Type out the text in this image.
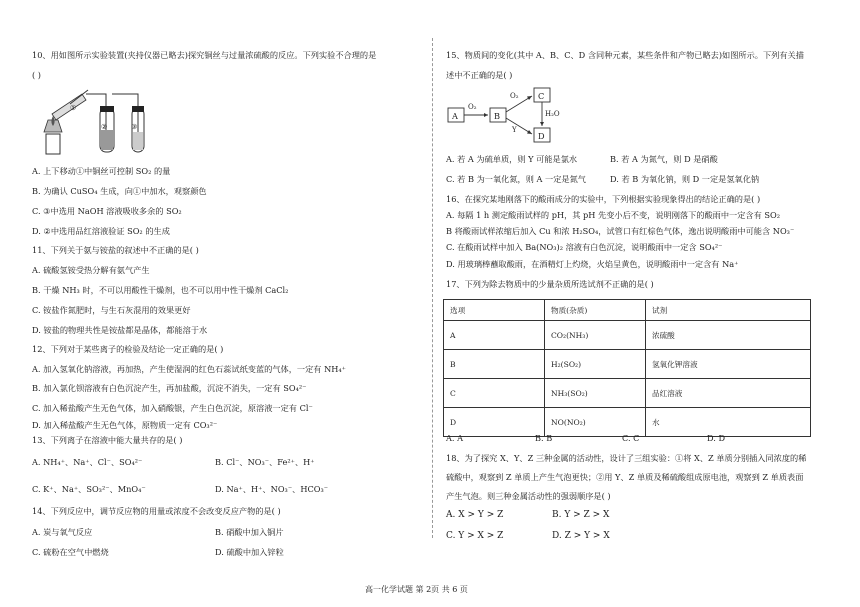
10、用如图所示实验装置(夹持仪器已略去)探究铜丝与过量浓硫酸的反应。下列实验不合理的是
( )
①
②	③
A. 上下移动①中铜丝可控制 SO₂ 的量
B. 为确认 CuSO₄ 生成，向①中加水，观察颜色
C. ③中选用 NaOH 溶液吸收多余的 SO₂
D. ②中选用品红溶液验证 SO₂ 的生成
11、下列关于氨与铵盐的叙述中不正确的是( )
A. 硫酸氢铵受热分解有氨气产生
B. 干燥 NH₃ 时，不可以用酸性干燥剂，也不可以用中性干燥剂 CaCl₂
C. 铵盐作氮肥时，与生石灰混用的效果更好
D. 铵盐的物理共性是铵盐都是晶体，都能溶于水
12、下列对于某些离子的检验及结论一定正确的是( )
A. 加入氢氧化钠溶液，再加热，产生使湿润的红色石蕊试纸变蓝的气体，一定有 NH₄⁺
B. 加入氯化钡溶液有白色沉淀产生，再加盐酸，沉淀不消失，一定有 SO₄²⁻
C. 加入稀盐酸产生无色气体，加入硝酸银，产生白色沉淀，原溶液一定有 Cl⁻
D. 加入稀盐酸产生无色气体，原物质一定有 CO₃²⁻
13、下列离子在溶液中能大量共存的是( )
A. NH₄⁺、Na⁺、Cl⁻、SO₄²⁻	B. Cl⁻、NO₃⁻、Fe²⁺、H⁺
C. K⁺、Na⁺、SO₃²⁻、MnO₄⁻	D. Na⁺、H⁺、NO₃⁻、HCO₃⁻
14、下列反应中，调节反应物的用量或浓度不会改变反应产物的是( )
A. 炭与氧气反应	B. 硝酸中加入铜片
C. 硫粉在空气中燃烧	D. 硫酸中加入锌粒
15、物质间的变化(其中 A、B、C、D 含同种元素，某些条件和产物已略去)如图所示。下列有关描
述中不正确的是( )
A	B
C
D
O₂
O₂
H₂O
Y
A. 若 A 为硫单质，则 Y 可能是氯水	B. 若 A 为氮气，则 D 是硝酸
C. 若 B 为一氧化氮，则 A 一定是氮气	D. 若 B 为氧化钠，则 D 一定是氢氧化钠
16、在探究某地刚落下的酸雨成分的实验中，下列根据实验现象得出的结论正确的是( )
A. 每隔 1 h 测定酸雨试样的 pH，其 pH 先变小后不变，说明刚落下的酸雨中一定含有 SO₂
B 将酸雨试样浓缩后加入 Cu 和浓 H₂SO₄，试管口有红棕色气体，逸出说明酸雨中可能含 NO₃⁻
C. 在酸雨试样中加入 Ba(NO₃)₂ 溶液有白色沉淀，说明酸雨中一定含 SO₄²⁻
D. 用玻璃棒蘸取酸雨，在酒精灯上灼烧，火焰呈黄色，说明酸雨中一定含有 Na⁺
17、下列为除去物质中的少量杂质所选试剂不正确的是( )
选项	物质(杂质)	试剂
A	CO₂(NH₃)	浓硫酸
B	H₂(SO₂)	氢氧化钾溶液
C	NH₃(SO₂)	品红溶液
D	NO(NO₂)	水
A. A	B. B	C. C	D. D
18、为了探究 X、Y、Z 三种金属的活动性，设计了三组实验：①将 X、Z 单质分别插入同浓度的稀
硫酸中，观察到 Z 单质上产生气泡更快；②用 Y、Z 单质及稀硫酸组成原电池，观察到 Z 单质表面
产生气泡。则三种金属活动性的强弱顺序是( )
A. X > Y > Z	B. Y > Z > X
C. Y > X > Z	D. Z > Y > X
高一化学试题 第 2页 共 6 页
